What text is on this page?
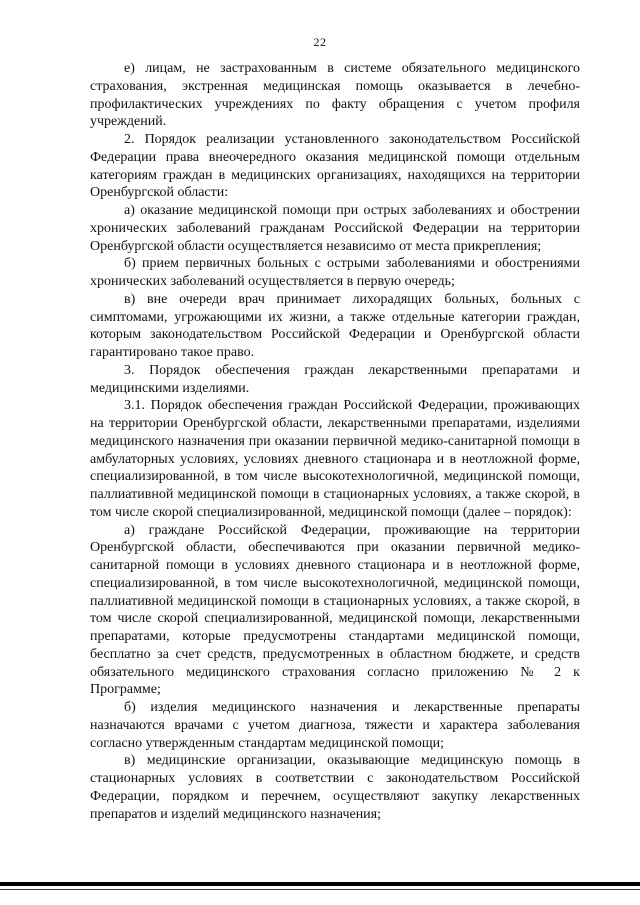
22

е) лицам, не застрахованным в системе обязательного медицинского страхования, экстренная медицинская помощь оказывается в лечебно-профилактических учреждениях по факту обращения с учетом профиля учреждений.

2. Порядок реализации установленного законодательством Российской Федерации права внеочередного оказания медицинской помощи отдельным категориям граждан в медицинских организациях, находящихся на территории Оренбургской области:

а) оказание медицинской помощи при острых заболеваниях и обострении хронических заболеваний гражданам Российской Федерации на территории Оренбургской области осуществляется независимо от места прикрепления;

б) прием первичных больных с острыми заболеваниями и обострениями хронических заболеваний осуществляется в первую очередь;

в) вне очереди врач принимает лихорадящих больных, больных с симптомами, угрожающими их жизни, а также отдельные категории граждан, которым законодательством Российской Федерации и Оренбургской области гарантировано такое право.

3. Порядок обеспечения граждан лекарственными препаратами и медицинскими изделиями.

3.1. Порядок обеспечения граждан Российской Федерации, проживающих на территории Оренбургской области, лекарственными препаратами, изделиями медицинского назначения при оказании первичной медико-санитарной помощи в амбулаторных условиях, условиях дневного стационара и в неотложной форме, специализированной, в том числе высокотехнологичной, медицинской помощи, паллиативной медицинской помощи в стационарных условиях, а также скорой, в том числе скорой специализированной, медицинской помощи (далее – порядок):

а) граждане Российской Федерации, проживающие на территории Оренбургской области, обеспечиваются при оказании первичной медико-санитарной помощи в условиях дневного стационара и в неотложной форме, специализированной, в том числе высокотехнологичной, медицинской помощи, паллиативной медицинской помощи в стационарных условиях, а также скорой, в том числе скорой специализированной, медицинской помощи, лекарственными препаратами, которые предусмотрены стандартами медицинской помощи, бесплатно за счет средств, предусмотренных в областном бюджете, и средств обязательного медицинского страхования согласно приложению № 2 к Программе;

б) изделия медицинского назначения и лекарственные препараты назначаются врачами с учетом диагноза, тяжести и характера заболевания согласно утвержденным стандартам медицинской помощи;

в) медицинские организации, оказывающие медицинскую помощь в стационарных условиях в соответствии с законодательством Российской Федерации, порядком и перечнем, осуществляют закупку лекарственных препаратов и изделий медицинского назначения;
